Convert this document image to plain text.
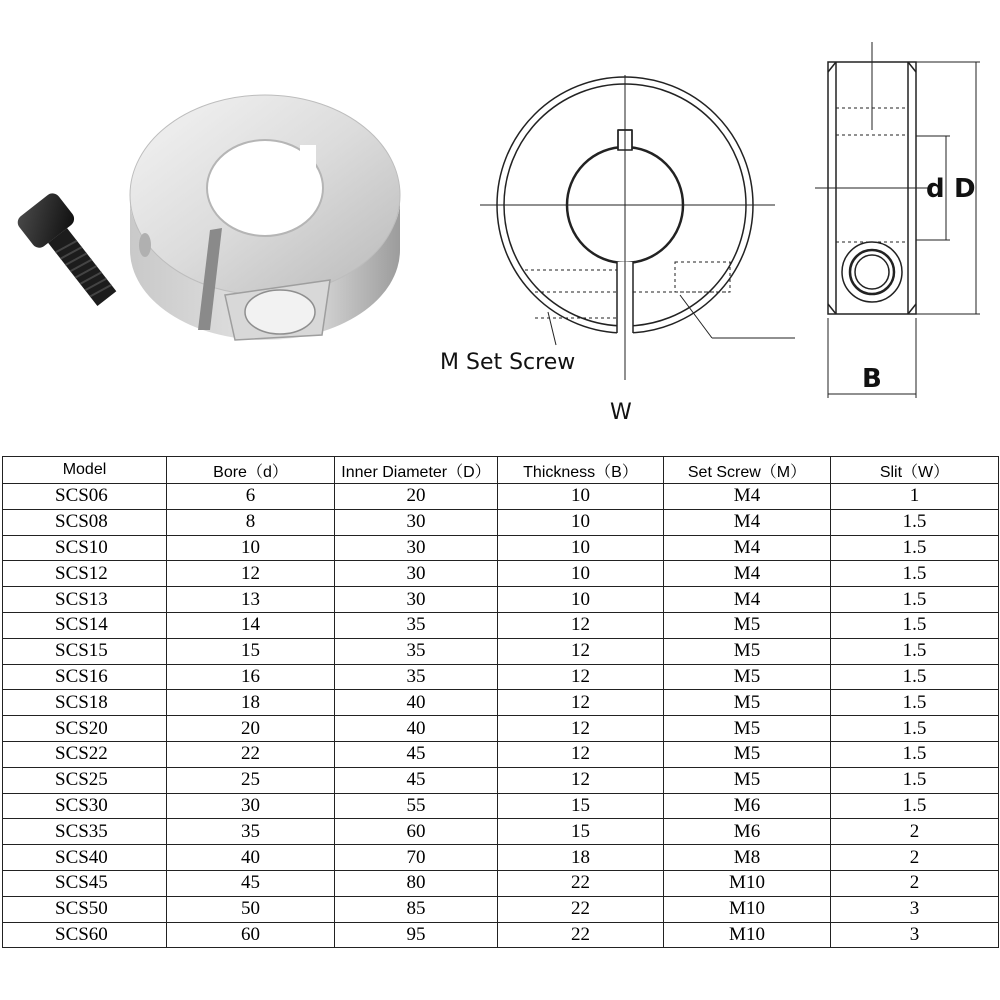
M Set Screw
W
d D
B
Model	Bore（d）	Inner Diameter（D）	Thickness（B）	Set Screw（M）	Slit（W）
SCS06	6	20	10	M4	1
SCS08	8	30	10	M4	1.5
SCS10	10	30	10	M4	1.5
SCS12	12	30	10	M4	1.5
SCS13	13	30	10	M4	1.5
SCS14	14	35	12	M5	1.5
SCS15	15	35	12	M5	1.5
SCS16	16	35	12	M5	1.5
SCS18	18	40	12	M5	1.5
SCS20	20	40	12	M5	1.5
SCS22	22	45	12	M5	1.5
SCS25	25	45	12	M5	1.5
SCS30	30	55	15	M6	1.5
SCS35	35	60	15	M6	2
SCS40	40	70	18	M8	2
SCS45	45	80	22	M10	2
SCS50	50	85	22	M10	3
SCS60	60	95	22	M10	3
